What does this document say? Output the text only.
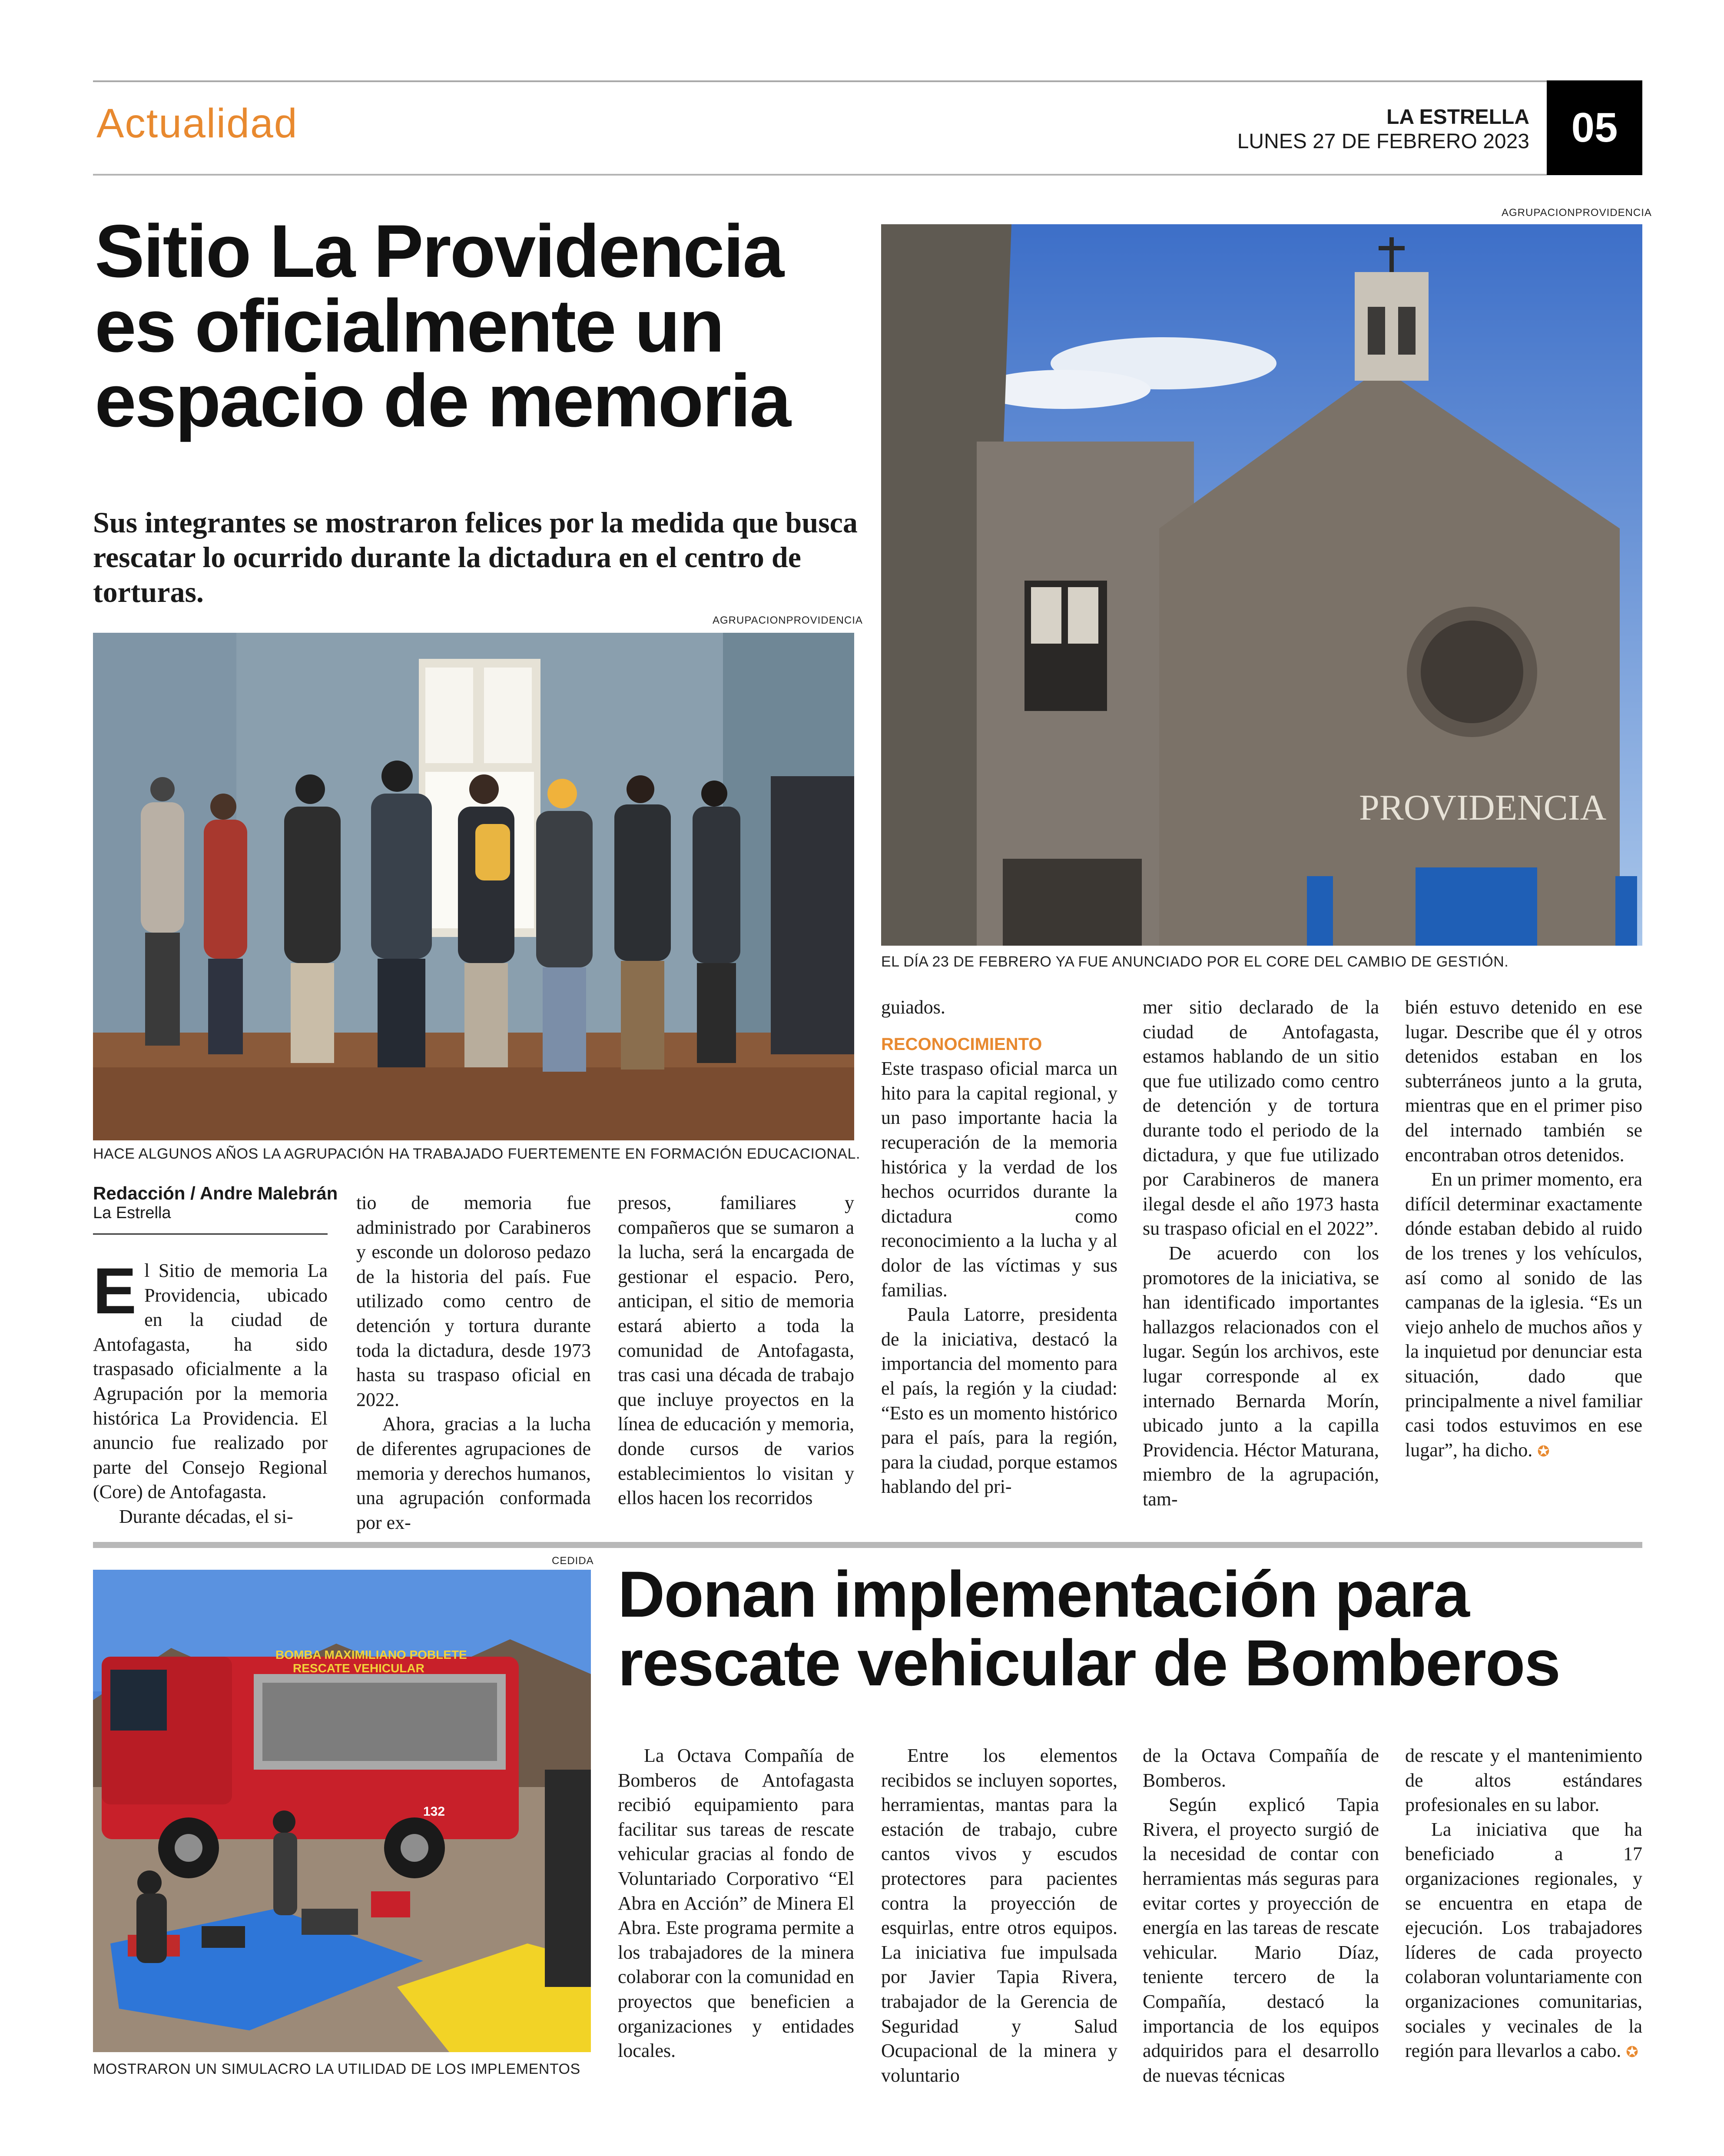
Actualidad	LA ESTRELLA
LUNES 27 DE FEBRERO 2023	05
Sitio La Providencia es oficialmente un espacio de memoria
Sus integrantes se mostraron felices por la medida que busca rescatar lo ocurrido durante la dictadura en el centro de torturas.
AGRUPACIONPROVIDENCIA
HACE ALGUNOS AÑOS LA AGRUPACIÓN HA TRABAJADO FUERTEMENTE EN FORMACIÓN EDUCACIONAL.
AGRUPACIONPROVIDENCIA
PROVIDENCIA
EL DÍA 23 DE FEBRERO YA FUE ANUNCIADO POR EL CORE DEL CAMBIO DE GESTIÓN.
Redacción / Andre Malebrán
La Estrella
E l Sitio de memoria La Providencia, ubicado en la ciudad de Antofagasta, ha sido traspasado oficialmente a la Agrupación por la memoria histórica La Providencia. El anuncio fue realizado por parte del Consejo Regional (Core) de Antofagasta.

Durante décadas, el si-

tio de memoria fue administrado por Carabineros y esconde un doloroso pedazo de la historia del país. Fue utilizado como centro de detención y tortura durante toda la dictadura, desde 1973 hasta su traspaso oficial en 2022.

Ahora, gracias a la lucha de diferentes agrupaciones de memoria y derechos humanos, una agrupación conformada por ex-

presos, familiares y compañeros que se sumaron a la lucha, será la encargada de gestionar el espacio. Pero, anticipan, el sitio de memoria estará abierto a toda la comunidad de Antofagasta, tras casi una década de trabajo que incluye proyectos en la línea de educación y memoria, donde cursos de varios establecimientos lo visitan y ellos hacen los recorridos

guiados.

RECONOCIMIENTO

Este traspaso oficial marca un hito para la capital regional, y un paso importante hacia la recuperación de la memoria histórica y la verdad de los hechos ocurridos durante la dictadura como reconocimiento a la lucha y al dolor de las víctimas y sus familias.

Paula Latorre, presidenta de la iniciativa, destacó la importancia del momento para el país, la región y la ciudad: “Esto es un momento histórico para el país, para la región, para la ciudad, porque estamos hablando del pri-

mer sitio declarado de la ciudad de Antofagasta, estamos hablando de un sitio que fue utilizado como centro de detención y de tortura durante todo el periodo de la dictadura, y que fue utilizado por Carabineros de manera ilegal desde el año 1973 hasta su traspaso oficial en el 2022”.

De acuerdo con los promotores de la iniciativa, se han identificado importantes hallazgos relacionados con el lugar. Según los archivos, este lugar corresponde al ex internado Bernarda Morín, ubicado junto a la capilla Providencia. Héctor Maturana, miembro de la agrupación, tam-

bién estuvo detenido en ese lugar. Describe que él y otros detenidos estaban en los subterráneos junto a la gruta, mientras que en el primer piso del internado también se encontraban otros detenidos.

En un primer momento, era difícil determinar exactamente dónde estaban debido al ruido de los trenes y los vehículos, así como al sonido de las campanas de la iglesia. “Es un viejo anhelo de muchos años y la inquietud por denunciar esta situación, dado que principalmente a nivel familiar casi todos estuvimos en ese lugar”, ha dicho. ✪

CEDIDA
BOMBA MAXIMILIANO POBLETE
RESCATE VEHICULAR
132
MOSTRARON UN SIMULACRO LA UTILIDAD DE LOS IMPLEMENTOS
Donan implementación para rescate vehicular de Bomberos

La Octava Compañía de Bomberos de Antofagasta recibió equipamiento para facilitar sus tareas de rescate vehicular gracias al fondo de Voluntariado Corporativo “El Abra en Acción” de Minera El Abra. Este programa permite a los trabajadores de la minera colaborar con la comunidad en proyectos que beneficien a organizaciones y entidades locales.

Entre los elementos recibidos se incluyen soportes, herramientas, mantas para la estación de trabajo, cubre cantos vivos y escudos protectores para pacientes contra la proyección de esquirlas, entre otros equipos. La iniciativa fue impulsada por Javier Tapia Rivera, trabajador de la Gerencia de Seguridad y Salud Ocupacional de la minera y voluntario

de la Octava Compañía de Bomberos.

Según explicó Tapia Rivera, el proyecto surgió de la necesidad de contar con herramientas más seguras para evitar cortes y proyección de energía en las tareas de rescate vehicular. Mario Díaz, teniente tercero de la Compañía, destacó la importancia de los equipos adquiridos para el desarrollo de nuevas técnicas

de rescate y el mantenimiento de altos estándares profesionales en su labor.

La iniciativa que ha beneficiado a 17 organizaciones regionales, y se encuentra en etapa de ejecución. Los trabajadores líderes de cada proyecto colaboran voluntariamente con organizaciones comunitarias, sociales y vecinales de la región para llevarlos a cabo. ✪
